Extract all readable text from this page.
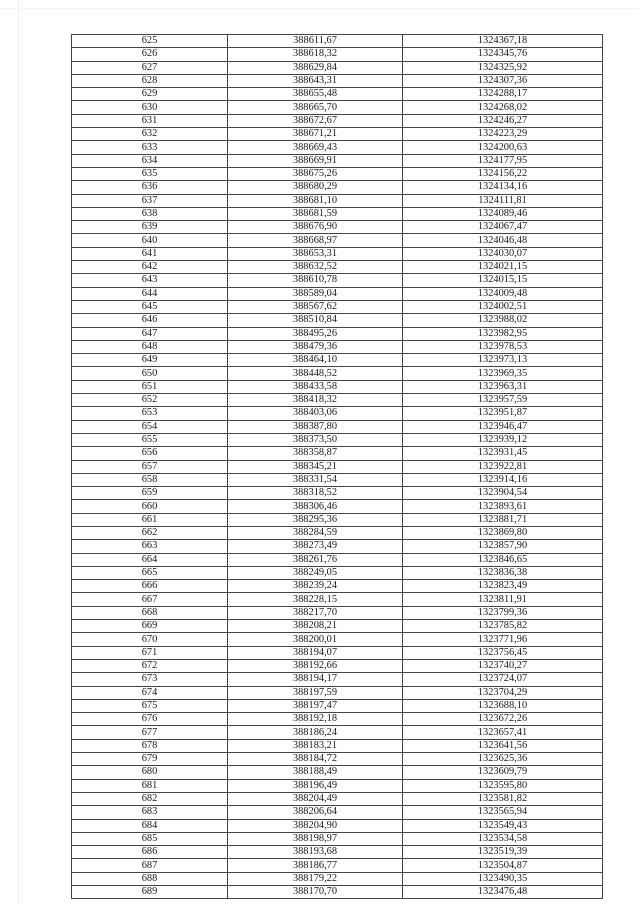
625	388611,67	1324367,18
626	388618,32	1324345,76
627	388629,84	1324325,92
628	388643,31	1324307,36
629	388655,48	1324288,17
630	388665,70	1324268,02
631	388672,67	1324246,27
632	388671,21	1324223,29
633	388669,43	1324200,63
634	388669,91	1324177,95
635	388675,26	1324156,22
636	388680,29	1324134,16
637	388681,10	1324111,81
638	388681,59	1324089,46
639	388676,90	1324067,47
640	388668,97	1324046,48
641	388653,31	1324030,07
642	388632,52	1324021,15
643	388610,78	1324015,15
644	388589,04	1324009,48
645	388567,62	1324002,51
646	388510,84	1323988,02
647	388495,26	1323982,95
648	388479,36	1323978,53
649	388464,10	1323973,13
650	388448,52	1323969,35
651	388433,58	1323963,31
652	388418,32	1323957,59
653	388403,06	1323951,87
654	388387,80	1323946,47
655	388373,50	1323939,12
656	388358,87	1323931,45
657	388345,21	1323922,81
658	388331,54	1323914,16
659	388318,52	1323904,54
660	388306,46	1323893,61
661	388295,36	1323881,71
662	388284,59	1323869,80
663	388273,49	1323857,90
664	388261,76	1323846,65
665	388249,05	1323836,38
666	388239,24	1323823,49
667	388228,15	1323811,91
668	388217,70	1323799,36
669	388208,21	1323785,82
670	388200,01	1323771,96
671	388194,07	1323756,45
672	388192,66	1323740,27
673	388194,17	1323724,07
674	388197,59	1323704,29
675	388197,47	1323688,10
676	388192,18	1323672,26
677	388186,24	1323657,41
678	388183,21	1323641,56
679	388184,72	1323625,36
680	388188,49	1323609,79
681	388196,49	1323595,80
682	388204,49	1323581,82
683	388206,64	1323565,94
684	388204,90	1323549,43
685	388198,97	1323534,58
686	388193,68	1323519,39
687	388186,77	1323504,87
688	388179,22	1323490,35
689	388170,70	1323476,48
